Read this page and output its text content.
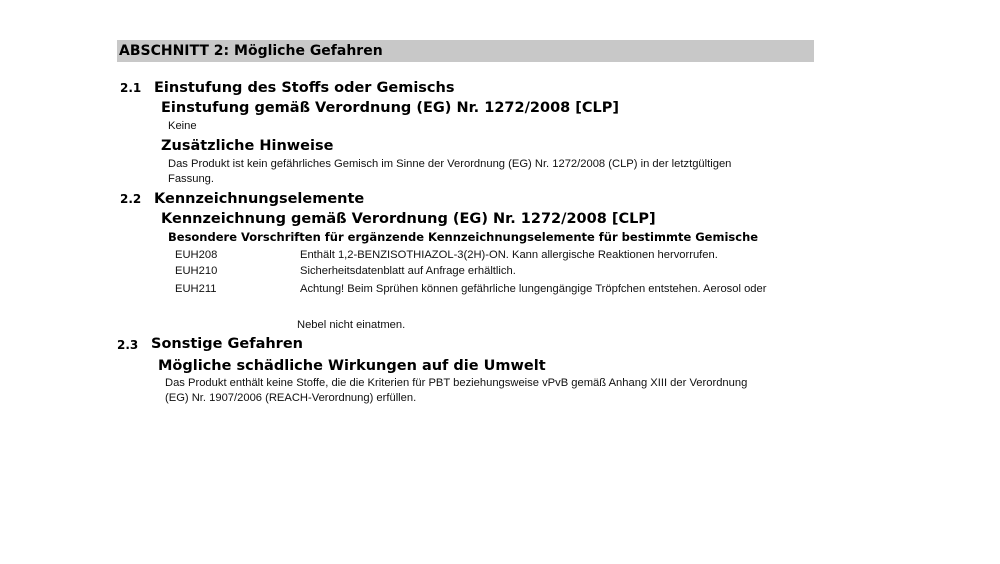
ABSCHNITT 2: Mögliche Gefahren
2.1 Einstufung des Stoffs oder Gemischs
Einstufung gemäß Verordnung (EG) Nr. 1272/2008 [CLP]
Keine
Zusätzliche Hinweise
Das Produkt ist kein gefährliches Gemisch im Sinne der Verordnung (EG) Nr. 1272/2008 (CLP) in der letztgültigen
Fassung.
2.2 Kennzeichnungselemente
Kennzeichnung gemäß Verordnung (EG) Nr. 1272/2008 [CLP]
Besondere Vorschriften für ergänzende Kennzeichnungselemente für bestimmte Gemische
EUH208	Enthält 1,2-BENZISOTHIAZOL-3(2H)-ON. Kann allergische Reaktionen hervorrufen.
EUH210	Sicherheitsdatenblatt auf Anfrage erhältlich.
EUH211	Achtung! Beim Sprühen können gefährliche lungengängige Tröpfchen entstehen. Aerosol oder
Nebel nicht einatmen.
2.3 Sonstige Gefahren
Mögliche schädliche Wirkungen auf die Umwelt
Das Produkt enthält keine Stoffe, die die Kriterien für PBT beziehungsweise vPvB gemäß Anhang XIII der Verordnung
(EG) Nr. 1907/2006 (REACH-Verordnung) erfüllen.
